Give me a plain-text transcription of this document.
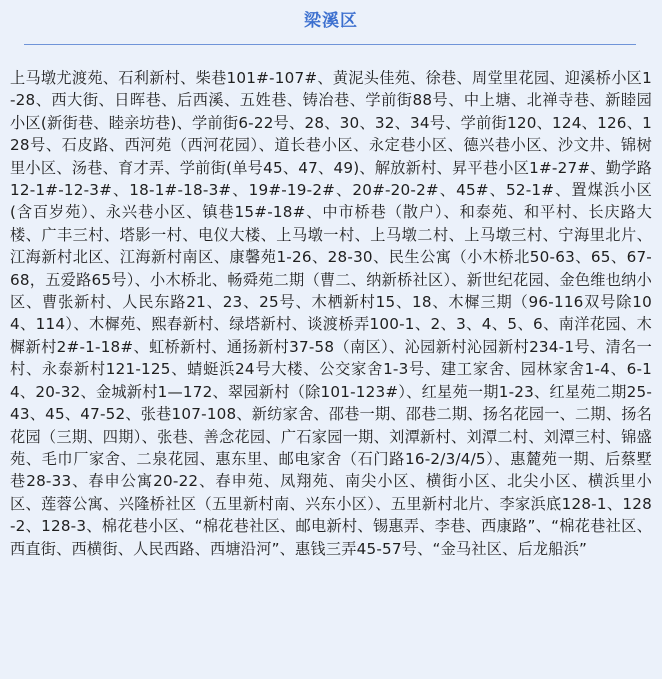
梁溪区
上马墩尤渡苑、石利新村、柴巷101#-107#、黄泥头佳苑、徐巷、周堂里花园、迎溪桥小区1-28、西大街、日晖巷、后西溪、五姓巷、铸冶巷、学前街88号、中上塘、北禅寺巷、新睦园小区(新街巷、睦亲坊巷)、学前街6-22号、28、30、32、34号、学前街120、124、126、128号、石皮路、西河苑（西河花园）、道长巷小区、永定巷小区、德兴巷小区、沙文井、锦树里小区、汤巷、育才弄、学前街(单号45、47、49)、解放新村、昇平巷小区1#-27#、勤学路12-1#-12-3#、18-1#-18-3#、19#-19-2#、20#-20-2#、45#、52-1#、置煤浜小区(含百岁苑）、永兴巷小区、镇巷15#-18#、中市桥巷（散户）、和泰苑、和平村、长庆路大楼、广丰三村、塔影一村、电仪大楼、上马墩一村、上马墩二村、上马墩三村、宁海里北片、江海新村北区、江海新村南区、康馨苑1-26、28-30、民生公寓（小木桥北50-63、65、67-68，五爱路65号）、小木桥北、畅舜苑二期（曹二、纳新桥社区）、新世纪花园、金色维也纳小区、曹张新村、人民东路21、23、25号、木栖新村15、18、木樨三期（96-116双号除104、114）、木樨苑、熙春新村、绿塔新村、谈渡桥弄100-1、2、3、4、5、6、南洋花园、木樨新村2#-1-18#、虹桥新村、通扬新村37-58（南区）、沁园新村沁园新村234-1号、清名一村、永泰新村121-125、蜻蜓浜24号大楼、公交家舍1-3号、建工家舍、园林家舍1-4、6-14、20-32、金城新村1—172、翠园新村（除101-123#）、红星苑一期1-23、红星苑二期25-43、45、47-52、张巷107-108、新纺家舍、邵巷一期、邵巷二期、扬名花园一、二期、扬名花园（三期、四期）、张巷、善念花园、广石家园一期、刘潭新村、刘潭二村、刘潭三村、锦盛苑、毛巾厂家舍、二泉花园、惠东里、邮电家舍（石门路16-2/3/4/5）、惠麓苑一期、后蔡墅巷28-33、春申公寓20-22、春申苑、凤翔苑、南尖小区、横街小区、北尖小区、横浜里小区、莲蓉公寓、兴隆桥社区（五里新村南、兴东小区）、五里新村北片、李家浜底128-1、128-2、128-3、棉花巷小区、“棉花巷社区、邮电新村、锡惠弄、李巷、西康路”、“棉花巷社区、西直街、西横街、人民西路、西塘沿河”、惠钱三弄45-57号、“金马社区、后龙船浜”
